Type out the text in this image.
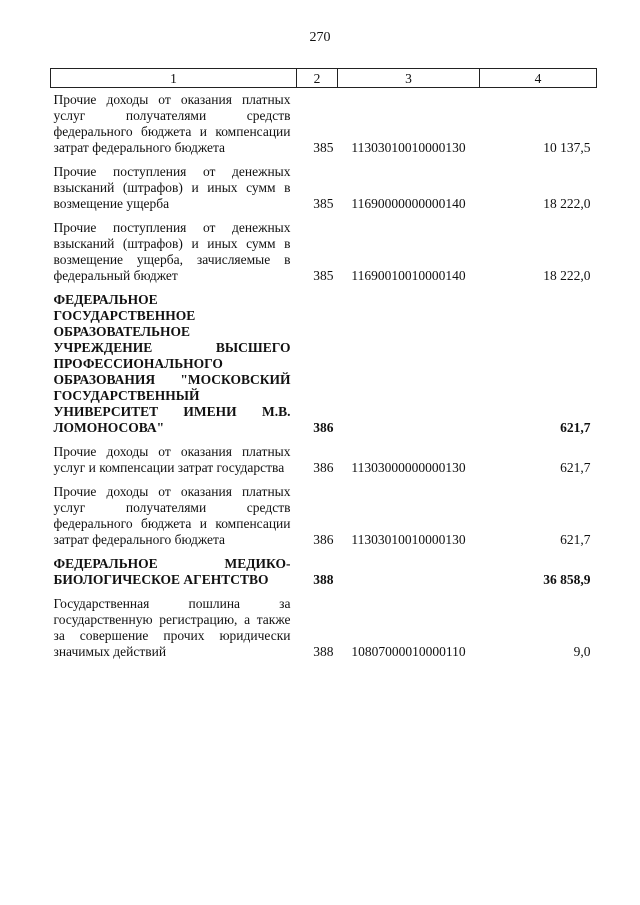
270
1	2	3	4
Прочие доходы от оказания платных услуг получателями средств федерального бюджета и компенсации затрат федерального бюджета	385	11303010010000130	10 137,5
Прочие поступления от денежных взысканий (штрафов) и иных сумм в возмещение ущерба	385	11690000000000140	18 222,0
Прочие поступления от денежных взысканий (штрафов) и иных сумм в возмещение ущерба, зачисляемые в федеральный бюджет	385	11690010010000140	18 222,0
ФЕДЕРАЛЬНОЕ ГОСУДАРСТВЕННОЕ ОБРАЗОВАТЕЛЬНОЕ УЧРЕЖДЕНИЕ ВЫСШЕГО ПРОФЕССИОНАЛЬНОГО ОБРАЗОВАНИЯ "МОСКОВСКИЙ ГОСУДАРСТВЕННЫЙ УНИВЕРСИТЕТ ИМЕНИ М.В. ЛОМОНОСОВА"	386		621,7
Прочие доходы от оказания платных услуг и компенсации затрат государства	386	11303000000000130	621,7
Прочие доходы от оказания платных услуг получателями средств федерального бюджета и компенсации затрат федерального бюджета	386	11303010010000130	621,7
ФЕДЕРАЛЬНОЕ МЕДИКО-БИОЛОГИЧЕСКОЕ АГЕНТСТВО	388		36 858,9
Государственная пошлина за государственную регистрацию, а также за совершение прочих юридически значимых действий	388	10807000010000110	9,0
